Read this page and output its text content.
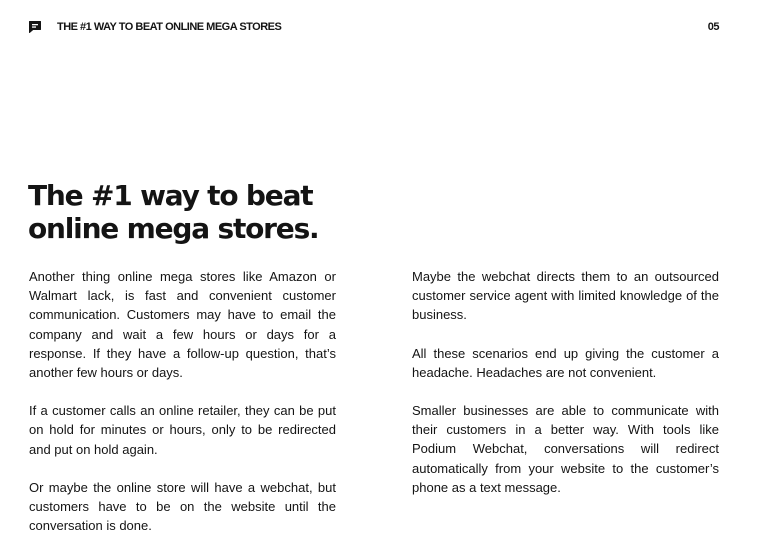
THE #1 WAY TO BEAT ONLINE MEGA STORES	05
The #1 way to beat
online mega stores.

Another thing online mega stores like Amazon or Walmart lack, is fast and convenient customer communication. Customers may have to email the company and wait a few hours or days for a response. If they have a follow-up question, that’s another few hours or days.

If a customer calls an online retailer, they can be put on hold for minutes or hours, only to be redirected and put on hold again.

Or maybe the online store will have a webchat, but customers have to be on the website until the conversation is done.

Maybe the webchat directs them to an outsourced customer service agent with limited knowledge of the business.

All these scenarios end up giving the customer a headache. Headaches are not convenient.

Smaller businesses are able to communicate with their customers in a better way. With tools like Podium Webchat, conversations will redirect automatically from your website to the customer’s phone as a text message.
